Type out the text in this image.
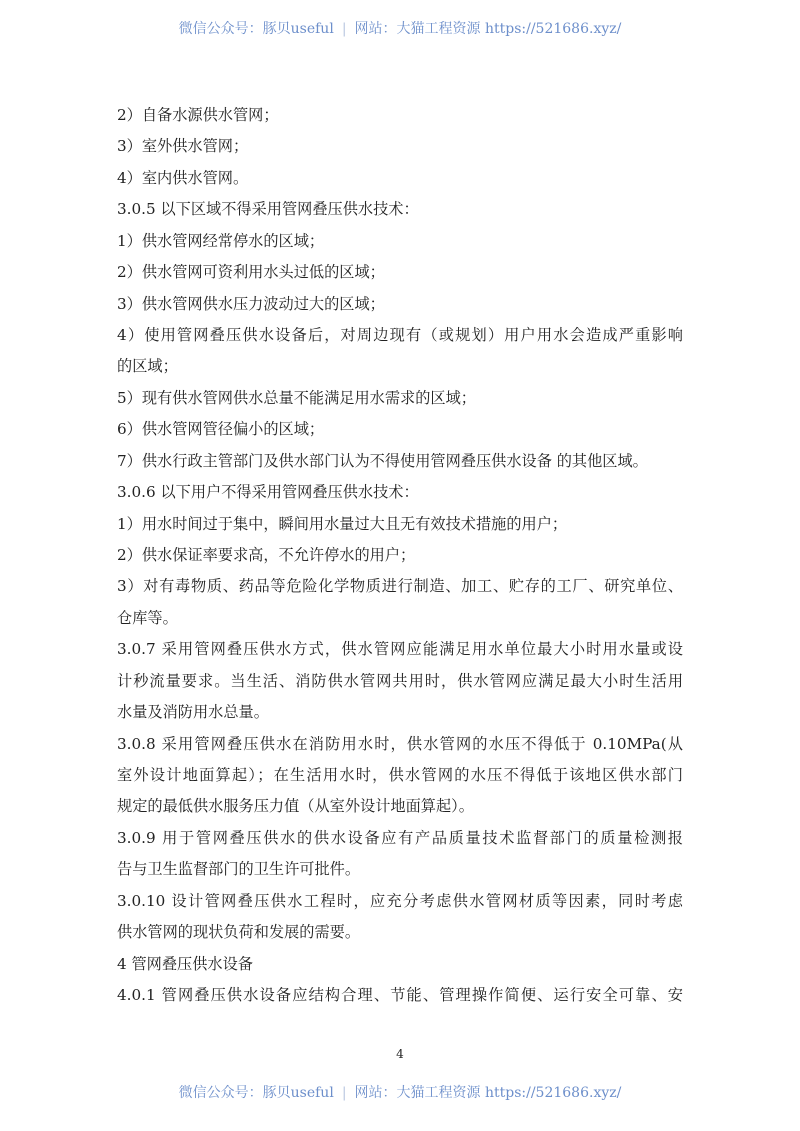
微信公众号：豚贝useful | 网站：大猫工程资源 https://521686.xyz/
2）自备水源供水管网；
3）室外供水管网；
4）室内供水管网。
3.0.5 以下区域不得采用管网叠压供水技术：
1）供水管网经常停水的区域；
2）供水管网可资利用水头过低的区域；
3）供水管网供水压力波动过大的区域；
4）使用管网叠压供水设备后，对周边现有（或规划）用户用水会造成严重影响
的区域；
5）现有供水管网供水总量不能满足用水需求的区域；
6）供水管网管径偏小的区域；
7）供水行政主管部门及供水部门认为不得使用管网叠压供水设备 的其他区域。
3.0.6 以下用户不得采用管网叠压供水技术：
1）用水时间过于集中，瞬间用水量过大且无有效技术措施的用户；
2）供水保证率要求高，不允许停水的用户；
3）对有毒物质、药品等危险化学物质进行制造、加工、贮存的工厂、研究单位、
仓库等。
3.0.7 采用管网叠压供水方式，供水管网应能满足用水单位最大小时用水量或设
计秒流量要求。当生活、消防供水管网共用时，供水管网应满足最大小时生活用
水量及消防用水总量。
3.0.8 采用管网叠压供水在消防用水时，供水管网的水压不得低于 0.10MPa(从
室外设计地面算起）；在生活用水时，供水管网的水压不得低于该地区供水部门
规定的最低供水服务压力值（从室外设计地面算起）。
3.0.9 用于管网叠压供水的供水设备应有产品质量技术监督部门的质量检测报
告与卫生监督部门的卫生许可批件。
3.0.10 设计管网叠压供水工程时，应充分考虑供水管网材质等因素，同时考虑
供水管网的现状负荷和发展的需要。
4 管网叠压供水设备
4.0.1 管网叠压供水设备应结构合理、节能、管理操作简便、运行安全可靠、安
4
微信公众号：豚贝useful | 网站：大猫工程资源 https://521686.xyz/
